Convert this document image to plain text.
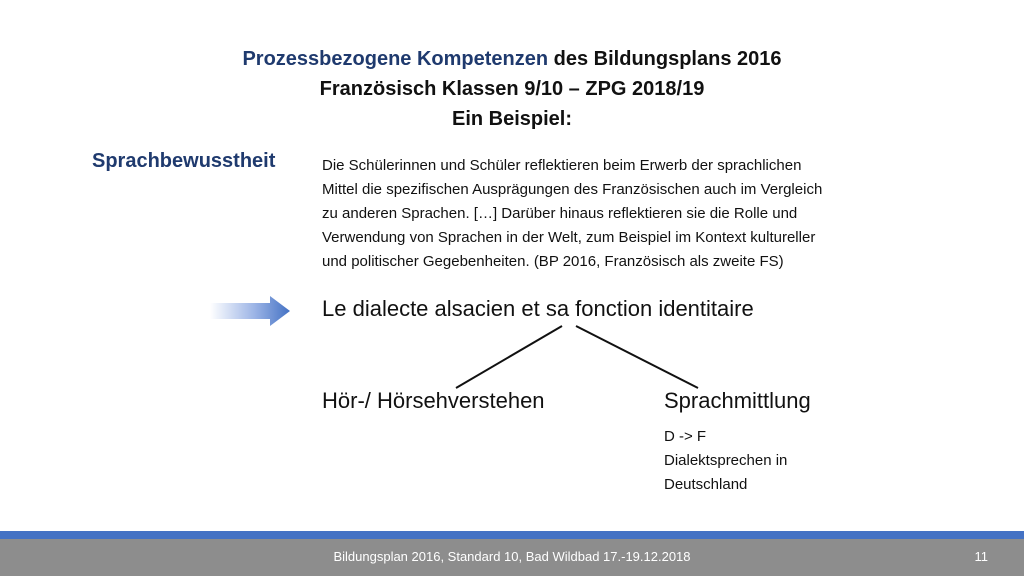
Prozessbezogene Kompetenzen des Bildungsplans 2016
Französisch Klassen 9/10 – ZPG 2018/19
Ein Beispiel:
Sprachbewusstheit	Die Schülerinnen und Schüler reflektieren beim Erwerb der sprachlichen
Mittel die spezifischen Ausprägungen des Französischen auch im Vergleich
zu anderen Sprachen. […] Darüber hinaus reflektieren sie die Rolle und
Verwendung von Sprachen in der Welt, zum Beispiel im Kontext kultureller
und politischer Gegebenheiten. (BP 2016, Französisch als zweite FS)
Le dialecte alsacien et sa fonction identitaire
Hör-/ Hörsehverstehen	Sprachmittlung
D -> F
Dialektsprechen in
Deutschland
Bildungsplan 2016, Standard 10, Bad Wildbad 17.-19.12.2018	11
